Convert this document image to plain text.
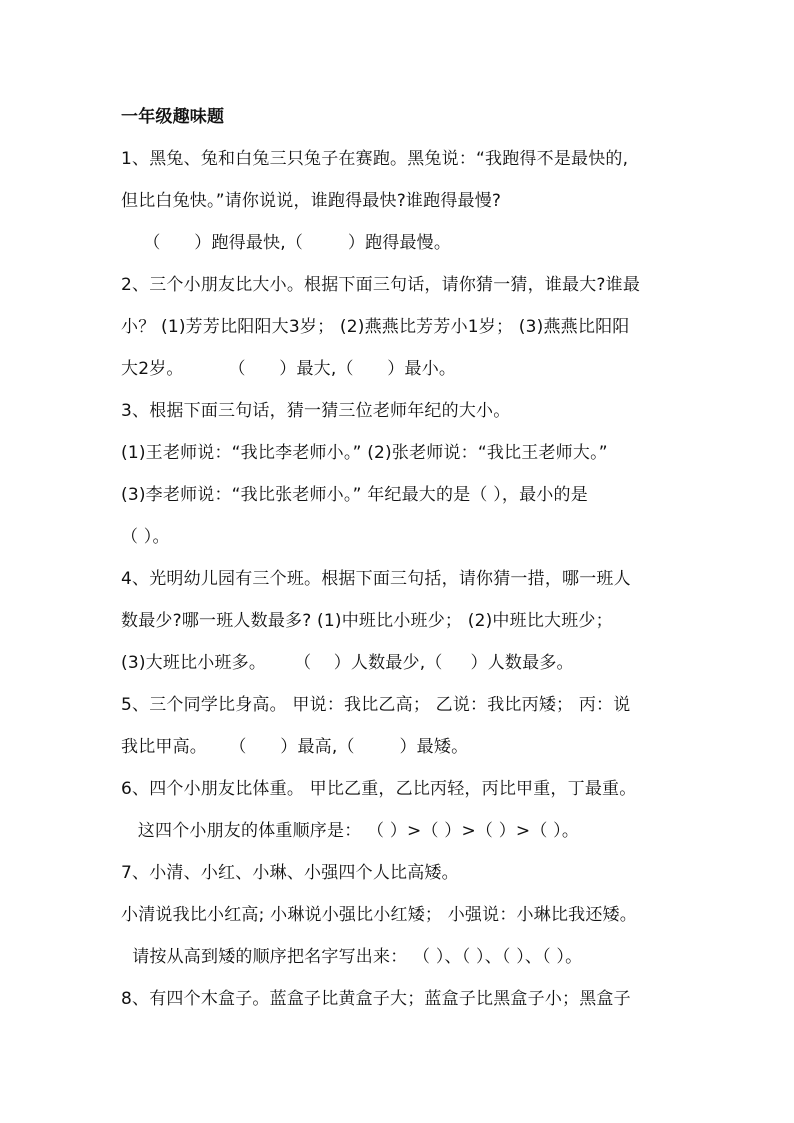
一年级趣味题
1、黑兔、兔和白兔三只兔子在赛跑。黑兔说：“我跑得不是最快的,
但比白兔快。”请你说说，谁跑得最快?谁跑得最慢?
（      ）跑得最快,（        ）跑得最慢。
2、三个小朋友比大小。根据下面三句话，请你猜一猜，谁最大?谁最
小？ (1)芳芳比阳阳大3岁； (2)燕燕比芳芳小1岁； (3)燕燕比阳阳
大2岁。        （      ）最大,（      ）最小。
3、根据下面三句话，猜一猜三位老师年纪的大小。
(1)王老师说：“我比李老师小。” (2)张老师说：“我比王老师大。”
(3)李老师说：“我比张老师小。” 年纪最大的是（ ），最小的是
（ ）。
4、光明幼儿园有三个班。根据下面三句括，请你猜一措，哪一班人
数最少?哪一班人数最多? (1)中班比小班少； (2)中班比大班少；
(3)大班比小班多。     （    ）人数最少,（     ）人数最多。
5、三个同学比身高。 甲说：我比乙高； 乙说：我比丙矮； 丙：说
我比甲高。    （      ）最高,（        ）最矮。
6、四个小朋友比体重。 甲比乙重，乙比丙轻，丙比甲重，丁最重。
这四个小朋友的体重顺序是： （ ）>（ ）>（ ）>（ ）。
7、小清、小红、小琳、小强四个人比高矮。
小清说我比小红高; 小琳说小强比小红矮； 小强说：小琳比我还矮。
请按从高到矮的顺序把名字写出来： （ ）、（ ）、（ ）、（ ）。
8、有四个木盒子。蓝盒子比黄盒子大；蓝盒子比黑盒子小；黑盒子
